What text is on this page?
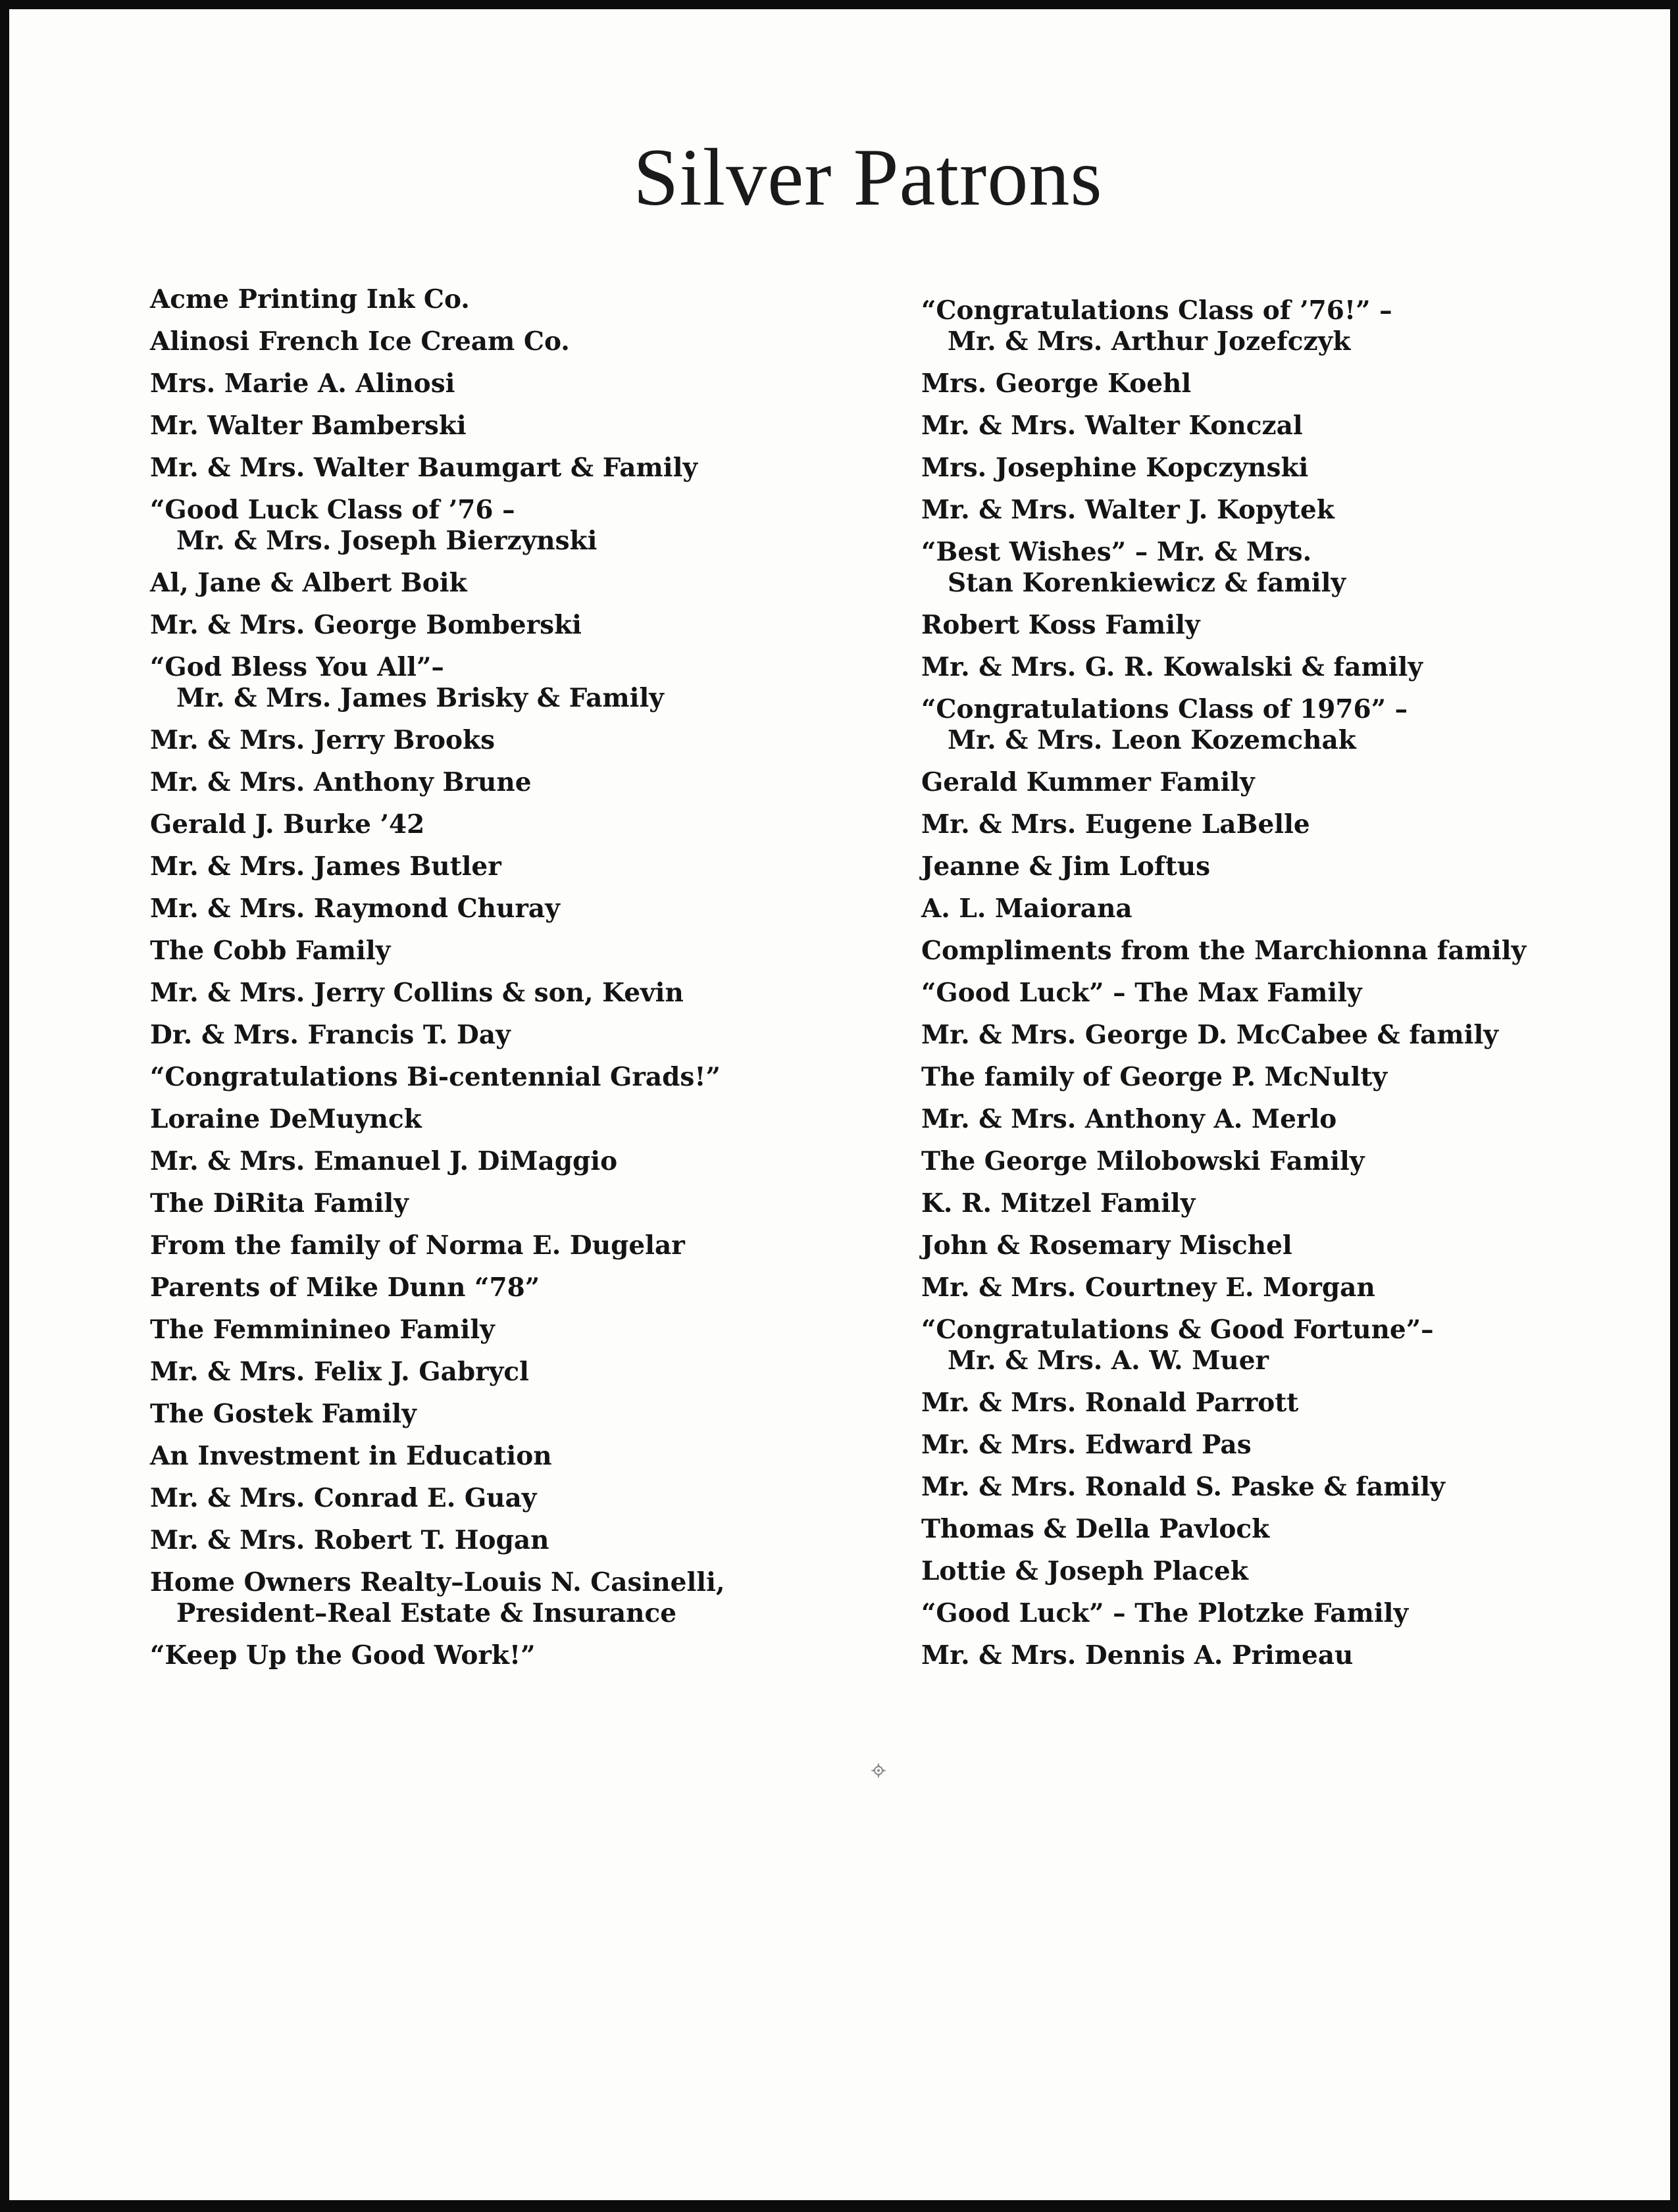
Silver Patrons
Acme Printing Ink Co.
Alinosi French Ice Cream Co.
Mrs. Marie A. Alinosi
Mr. Walter Bamberski
Mr. & Mrs. Walter Baumgart & Family
“Good Luck Class of ’76 –
Mr. & Mrs. Joseph Bierzynski
Al, Jane & Albert Boik
Mr. & Mrs. George Bomberski
“God Bless You All”–
Mr. & Mrs. James Brisky & Family
Mr. & Mrs. Jerry Brooks
Mr. & Mrs. Anthony Brune
Gerald J. Burke ’42
Mr. & Mrs. James Butler
Mr. & Mrs. Raymond Churay
The Cobb Family
Mr. & Mrs. Jerry Collins & son, Kevin
Dr. & Mrs. Francis T. Day
“Congratulations Bi-centennial Grads!”
Loraine DeMuynck
Mr. & Mrs. Emanuel J. DiMaggio
The DiRita Family
From the family of Norma E. Dugelar
Parents of Mike Dunn “78”
The Femminineo Family
Mr. & Mrs. Felix J. Gabrycl
The Gostek Family
An Investment in Education
Mr. & Mrs. Conrad E. Guay
Mr. & Mrs. Robert T. Hogan
Home Owners Realty–Louis N. Casinelli,
President–Real Estate & Insurance
“Keep Up the Good Work!”
“Congratulations Class of ’76!” –
Mr. & Mrs. Arthur Jozefczyk
Mrs. George Koehl
Mr. & Mrs. Walter Konczal
Mrs. Josephine Kopczynski
Mr. & Mrs. Walter J. Kopytek
“Best Wishes” – Mr. & Mrs.
Stan Korenkiewicz & family
Robert Koss Family
Mr. & Mrs. G. R. Kowalski & family
“Congratulations Class of 1976” –
Mr. & Mrs. Leon Kozemchak
Gerald Kummer Family
Mr. & Mrs. Eugene LaBelle
Jeanne & Jim Loftus
A. L. Maiorana
Compliments from the Marchionna family
“Good Luck” – The Max Family
Mr. & Mrs. George D. McCabee & family
The family of George P. McNulty
Mr. & Mrs. Anthony A. Merlo
The George Milobowski Family
K. R. Mitzel Family
John & Rosemary Mischel
Mr. & Mrs. Courtney E. Morgan
“Congratulations & Good Fortune”–
Mr. & Mrs. A. W. Muer
Mr. & Mrs. Ronald Parrott
Mr. & Mrs. Edward Pas
Mr. & Mrs. Ronald S. Paske & family
Thomas & Della Pavlock
Lottie & Joseph Placek
“Good Luck” – The Plotzke Family
Mr. & Mrs. Dennis A. Primeau
